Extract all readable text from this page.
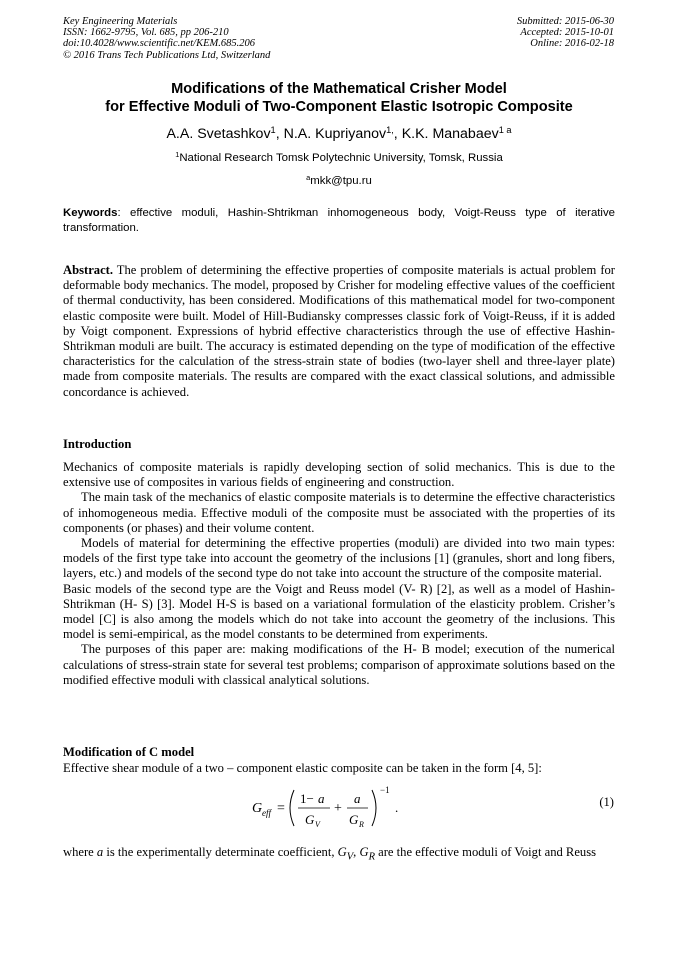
Key Engineering Materials
ISSN: 1662-9795, Vol. 685, pp 206-210
doi:10.4028/www.scientific.net/KEM.685.206
© 2016 Trans Tech Publications Ltd, Switzerland
Submitted: 2015-06-30
Accepted: 2015-10-01
Online: 2016-02-18
Modifications of the Mathematical Crisher Model
for Effective Moduli of Two-Component Elastic Isotropic Composite
A.A. Svetashkov$^1$, N.A. Kupriyanov$^{1,}$, K.K. Manabaev$^{1 a}$
$^1$National Research Tomsk Polytechnic University, Tomsk, Russia
$^a$mkk@tpu.ru
Keywords: effective moduli, Hashin-Shtrikman inhomogeneous body, Voigt-Reuss type of iterative transformation.
Abstract. The problem of determining the effective properties of composite materials is actual problem for deformable body mechanics. The model, proposed by Crisher for modeling effective values of the coefficient of thermal conductivity, has been considered. Modifications of this mathematical model for two-component elastic composite were built. Model of Hill-Budiansky compresses classic fork of Voigt-Reuss, if it is added by Voigt component. Expressions of hybrid effective characteristics through the use of effective Hashin-Shtrikman moduli are built. The accuracy is estimated depending on the type of modification of the effective characteristics for the calculation of the stress-strain state of bodies (two-layer shell and three-layer plate) made from composite materials. The results are compared with the exact classical solutions, and admissible concordance is achieved.
Introduction

Mechanics of composite materials is rapidly developing section of solid mechanics. This is due to the extensive use of composites in various fields of engineering and construction.

The main task of the mechanics of elastic composite materials is to determine the effective characteristics of inhomogeneous media. Effective moduli of the composite must be associated with the properties of its components (or phases) and their volume content.

Models of material for determining the effective properties (moduli) are divided into two main types: models of the first type take into account the geometry of the inclusions [1] (granules, short and long fibers, layers, etc.) and models of the second type do not take into account the structure of the composite material.

Basic models of the second type are the Voigt and Reuss model (V- R) [2], as well as a model of Hashin-Shtrikman (H- S) [3]. Model H-S is based on a variational formulation of the elasticity problem. Crisher’s model [C] is also among the models which do not take into account the geometry of the inclusions. This model is semi-empirical, as the model constants to be determined from experiments.

The purposes of this paper are: making modifications of the H- B model; execution of the numerical calculations of stress-strain state for several test problems; comparison of approximate solutions based on the modified effective moduli with classical analytical solutions.

Modification of C model
Effective shear module of a two – component elastic composite can be taken in the form [4, 5]:
G eff =
1− a
G V
+
a
G R
−1
.	(1)
where a is the experimentally determinate coefficient, $G_V$, $G_R$ are the effective moduli of Voigt and Reuss
